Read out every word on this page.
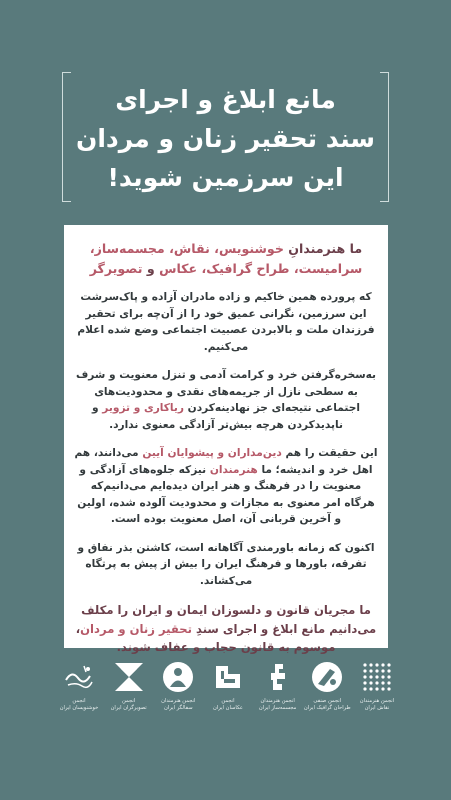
مانع ابلاغ و اجرای
سند تحقیر زنان و مردان
این سرزمین شوید!

ما هنرمندانِ خوشنویس، نقاش، مجسمه‌ساز، سرامیست، طراح گرافیک، عکاس و تصویرگر

که پرورده همین خاکیم و زاده مادران آزاده و پاک‌سرشت این سرزمین، نگرانی عمیق خود را از آن‌چه برای تحقیر فرزندان ملت و بالابردن عصبیت اجتماعی وضع شده اعلام می‌کنیم.

به‌سخره‌گرفتن خرد و کرامت آدمی و تنزل معنویت و شرف به سطحی نازل از جریمه‌های نقدی و محدودیت‌های اجتماعی نتیجه‌ای جز نهادینه‌کردن ریاکاری و تزویر و ناپدیدکردن هرچه بیش‌تر آزادگی معنوی ندارد.

این حقیقت را هم دین‌مداران و پیشوایان آیین می‌دانند، هم اهل خرد و اندیشه؛ ما هنرمندان نیزکه جلوه‌های آزادگی و معنویت را در فرهنگ و هنر ایران دیده‌ایم می‌دانیم‌که هرگاه امر معنوی به مجازات و محدودیت آلوده شده، اولین و آخرین قربانی آن، اصل معنویت بوده است.

اکنون که زمانه باورمندی آگاهانه است، کاشتن بذر نفاق و تفرقه، باورها و فرهنگ ایران را بیش از پیش به پرتگاه می‌کشاند.

ما مجریان قانون و دلسوزان ایمان و ایران را مکلف می‌دانیم مانع ابلاغ و اجرای سندِ تحقیر زنان و مردان، موسوم به قانون حجاب و عفاف شوند.

انجمن هنرمندان
نقاش ایران
انجمن صنفی
طراحان گرافیک ایران
انجمن هنرمندان
مجسمه‌ساز ایران
انجمن
عکاسان ایران
انجمن هنرمندان
سفالگر ایران
انجمن
تصویرگران ایران
انجمن
خوشنویسان ایران
